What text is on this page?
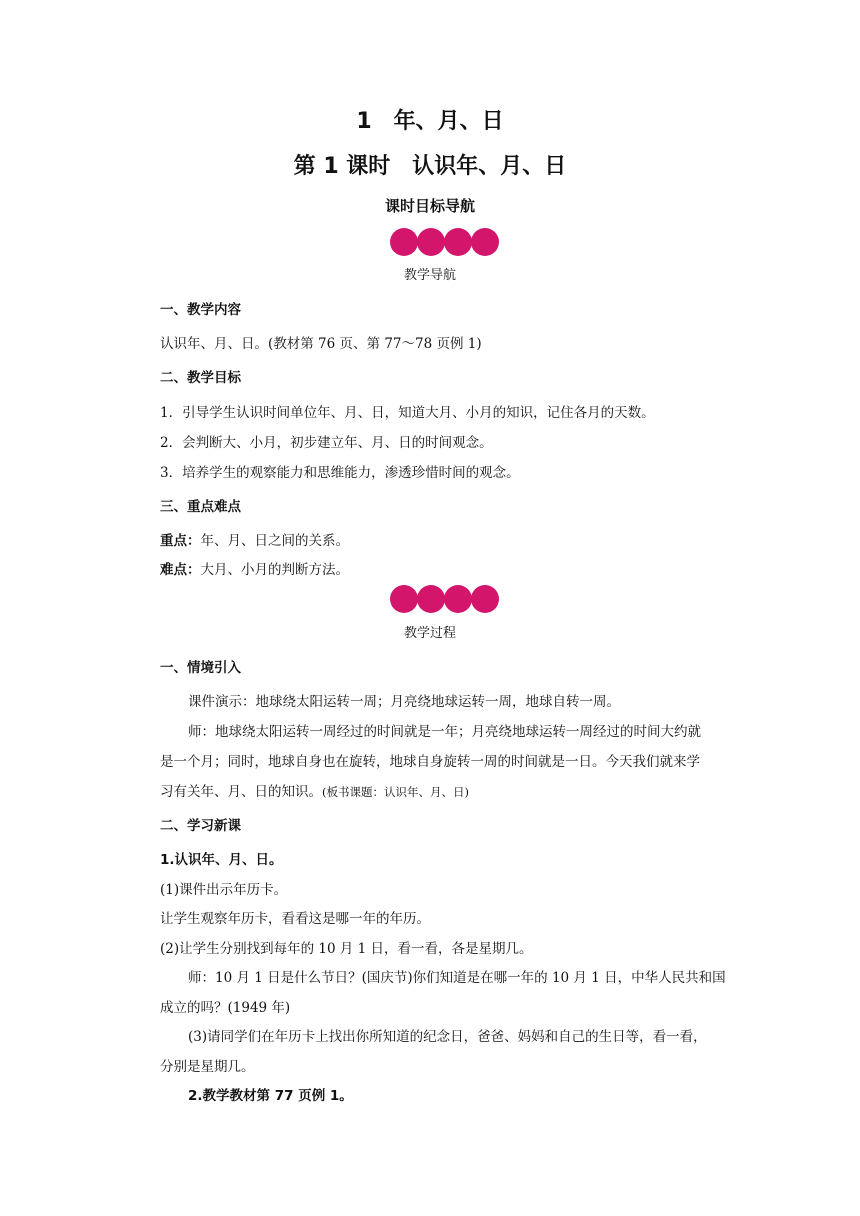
1　年、月、日
第 1 课时　认识年、月、日
课时目标导航
教学导航
一、教学内容
认识年、月、日。(教材第 76 页、第 77～78 页例 1)
二、教学目标
1．引导学生认识时间单位年、月、日，知道大月、小月的知识，记住各月的天数。
2．会判断大、小月，初步建立年、月、日的时间观念。
3．培养学生的观察能力和思维能力，渗透珍惜时间的观念。
三、重点难点
重点：年、月、日之间的关系。
难点：大月、小月的判断方法。
教学过程
一、情境引入
课件演示：地球绕太阳运转一周；月亮绕地球运转一周，地球自转一周。
师：地球绕太阳运转一周经过的时间就是一年；月亮绕地球运转一周经过的时间大约就
是一个月；同时，地球自身也在旋转，地球自身旋转一周的时间就是一日。今天我们就来学
习有关年、月、日的知识。(板书课题：认识年、月、日)
二、学习新课
1.认识年、月、日。
(1)课件出示年历卡。
让学生观察年历卡，看看这是哪一年的年历。
(2)让学生分别找到每年的 10 月 1 日，看一看，各是星期几。
师：10 月 1 日是什么节日？(国庆节)你们知道是在哪一年的 10 月 1 日，中华人民共和国
成立的吗？(1949 年)
(3)请同学们在年历卡上找出你所知道的纪念日，爸爸、妈妈和自己的生日等，看一看，
分别是星期几。
2.教学教材第 77 页例 1。
